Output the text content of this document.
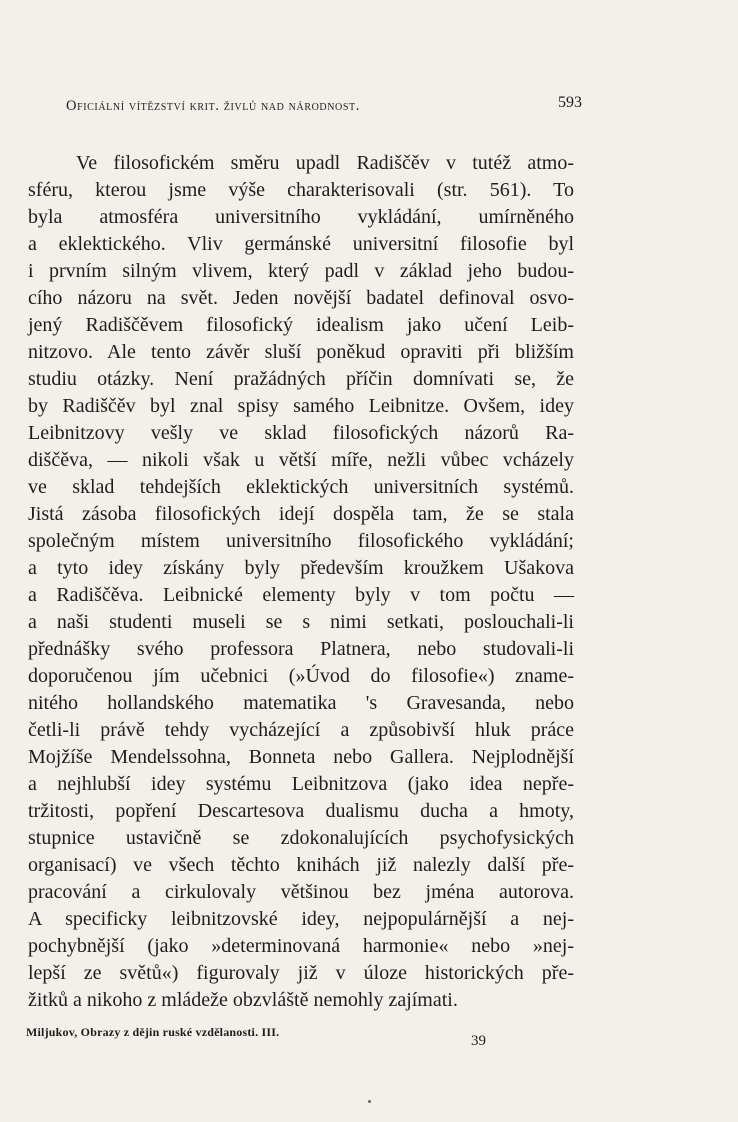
Oficiální vítězství krit. živlů nad národnost.	593
Ve filosofickém směru upadl Radiščěv v tutéž atmo-
sféru, kterou jsme výše charakterisovali (str. 561). To
byla atmosféra universitního vykládání, umírněného
a eklektického. Vliv germánské universitní filosofie byl
i prvním silným vlivem, který padl v základ jeho budou-
cího názoru na svět. Jeden novější badatel definoval osvo-
jený Radiščěvem filosofický idealism jako učení Leib-
nitzovo. Ale tento závěr sluší poněkud opraviti při bližším
studiu otázky. Není pražádných příčin domnívati se, že
by Radiščěv byl znal spisy samého Leibnitze. Ovšem, idey
Leibnitzovy vešly ve sklad filosofických názorů Ra-
diščěva, — nikoli však u větší míře, nežli vůbec vcházely
ve sklad tehdejších eklektických universitních systémů.
Jistá zásoba filosofických idejí dospěla tam, že se stala
společným místem universitního filosofického vykládání;
a tyto idey získány byly především kroužkem Ušakova
a Radiščěva. Leibnické elementy byly v tom počtu —
a naši studenti museli se s nimi setkati, poslouchali-li
přednášky svého professora Platnera, nebo studovali-li
doporučenou jím učebnici (»Úvod do filosofie«) zname-
nitého hollandského matematika 's Gravesanda, nebo
četli-li právě tehdy vycházející a způsobivší hluk práce
Mojžíše Mendelssohna, Bonneta nebo Gallera. Nejplodnější
a nejhlubší idey systému Leibnitzova (jako idea nepře-
tržitosti, popření Descartesova dualismu ducha a hmoty,
stupnice ustavičně se zdokonalujících psychofysických
organisací) ve všech těchto knihách již nalezly další pře-
pracování a cirkulovaly většinou bez jména autorova.
A specificky leibnitzovské idey, nejpopulárnější a nej-
pochybnější (jako »determinovaná harmonie« nebo »nej-
lepší ze světů«) figurovaly již v úloze historických pře-
žitků a nikoho z mládeže obzvláště nemohly zajímati.
Miljukov, Obrazy z dějin ruské vzdělanosti. III.
39
